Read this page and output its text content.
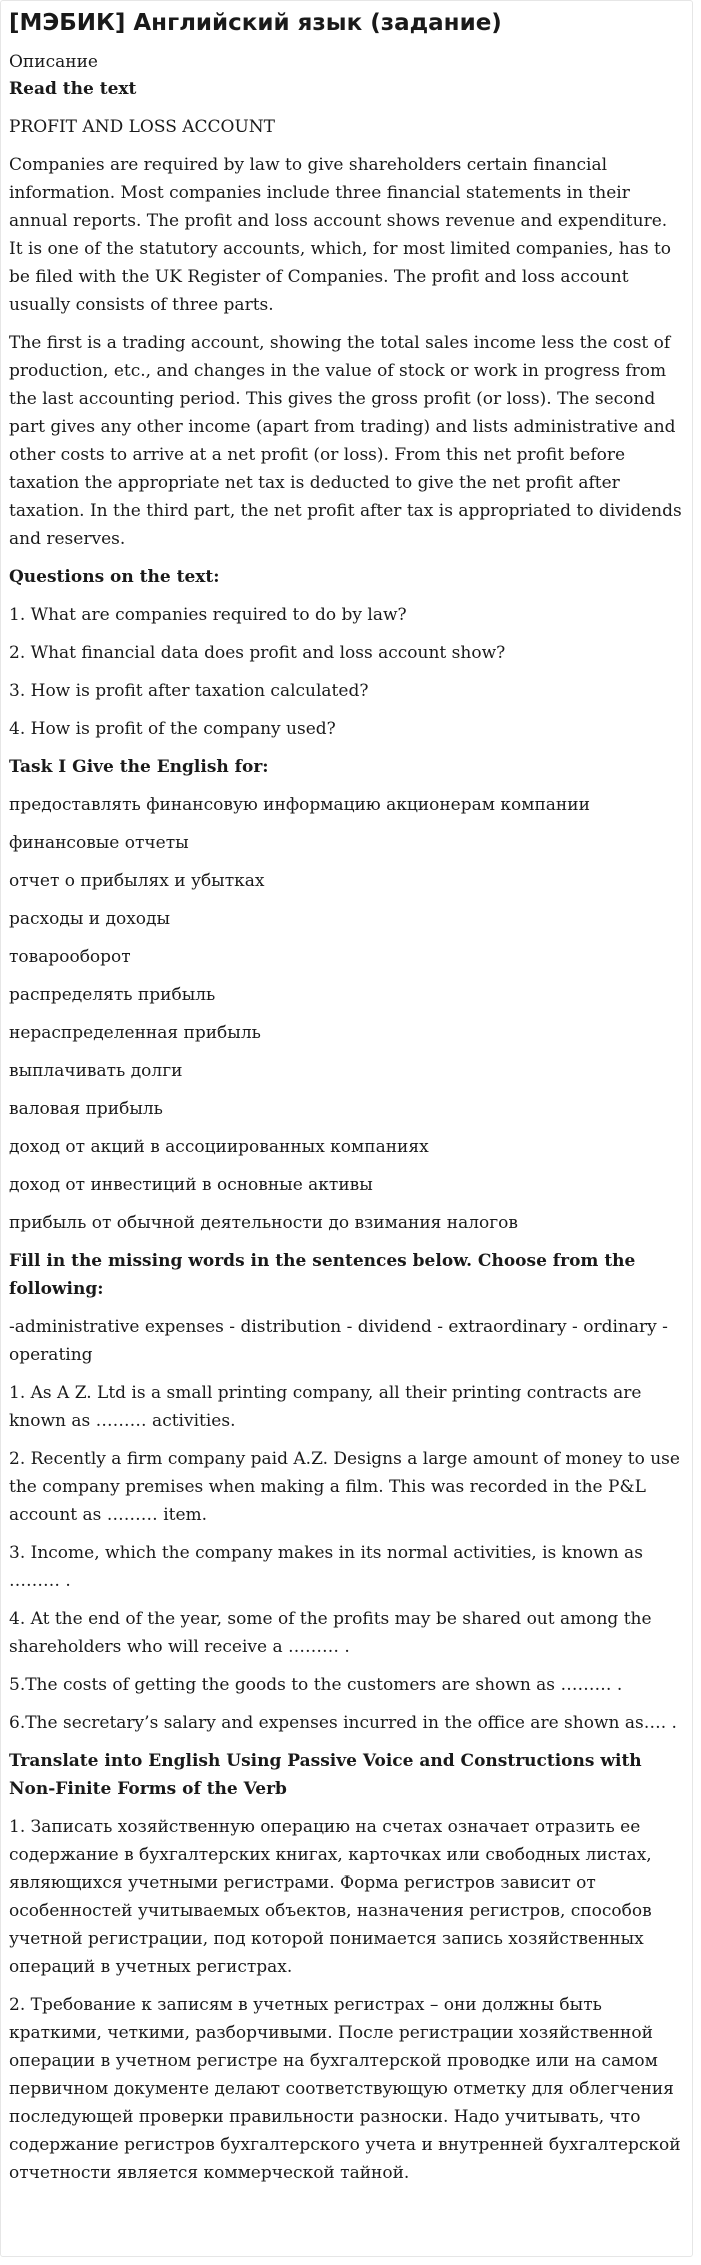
[МЭБИК] Английский язык (задание)
Описание

Read the text

PROFIT AND LOSS ACCOUNT

Companies are required by law to give shareholders certain financial information. Most companies include three financial statements in their annual reports. The profit and loss account shows revenue and expenditure. It is one of the statutory accounts, which, for most limited companies, has to be filed with the UK Register of Companies. The profit and loss account usually consists of three parts.

The first is a trading account, showing the total sales income less the cost of production, etc., and changes in the value of stock or work in progress from the last accounting period. This gives the gross profit (or loss). The second part gives any other income (apart from trading) and lists administrative and other costs to arrive at a net profit (or loss). From this net profit before taxation the appropriate net tax is deducted to give the net profit after taxation. In the third part, the net profit after tax is appropriated to dividends and reserves.

Questions on the text:

1. What are companies required to do by law?

2. What financial data does profit and loss account show?

3. How is profit after taxation calculated?

4. How is profit of the company used?

Task I Give the English for:

предоставлять финансовую информацию акционерам компании

финансовые отчеты

отчет о прибылях и убытках

расходы и доходы

товарооборот

распределять прибыль

нераспределенная прибыль

выплачивать долги

валовая прибыль

доход от акций в ассоциированных компаниях

доход от инвестиций в основные активы

прибыль от обычной деятельности до взимания налогов

Fill in the missing words in the sentences below. Choose from the following:

-administrative expenses - distribution - dividend - extraordinary - ordinary - operating

1. As A Z. Ltd is a small printing company, all their printing contracts are known as ……… activities.

2. Recently a firm company paid A.Z. Designs a large amount of money to use the company premises when making a film. This was recorded in the P&L account as ……… item.

3. Income, which the company makes in its normal activities, is known as ……… .

4. At the end of the year, some of the profits may be shared out among the shareholders who will receive a ……… .

5.The costs of getting the goods to the customers are shown as ……… .

6.The secretary’s salary and expenses incurred in the office are shown as…. .

Translate into English Using Passive Voice and Constructions with Non-Finite Forms of the Verb

1. Записать хозяйственную операцию на счетах означает отразить ее содержание в бухгалтерских книгах, карточках или свободных листах, являющихся учетными регистрами. Форма регистров зависит от особенностей учитываемых объектов, назначения регистров, способов учетной регистрации, под которой понимается запись хозяйственных операций в учетных регистрах.

2. Требование к записям в учетных регистрах – они должны быть краткими, четкими, разборчивыми. После регистрации хозяйственной операции в учетном регистре на бухгалтерской проводке или на самом первичном документе делают соответствующую отметку для облегчения последующей проверки правильности разноски. Надо учитывать, что содержание регистров бухгалтерского учета и внутренней бухгалтерской отчетности является коммерческой тайной.
